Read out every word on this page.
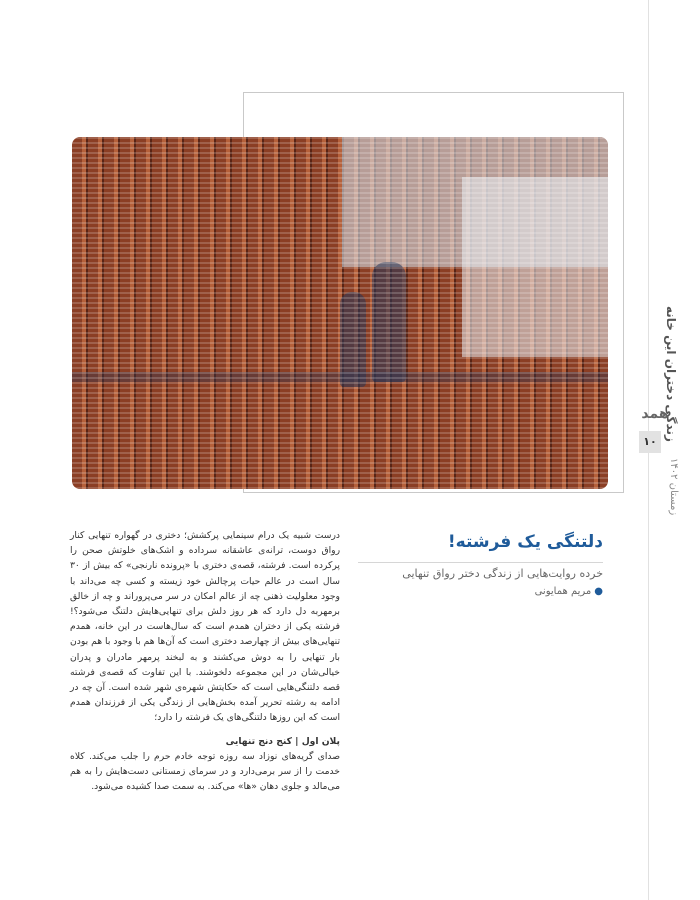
زندگی دختران این خانه
همد
۱۰
زمستان ۱۴۰۲
دلتنگی یک فرشته!
خرده روایت‌هایی از زندگی دختر رواق تنهایی
●مریم همایونی

درست شبیه یک درام سینمایی پرکشش؛ دختری در گهواره تنهایی کنار رواق دوست، ترانه‌ی عاشقانه سرداده و اشک‌های خلوتش صحن را پرکرده است. فرشته، قصه‌ی دختری با «پرونده نارنجی» که بیش از ۳۰ سال است در عالم حیات پرچالش خود زیسته و کسی چه می‌داند با وجود معلولیت ذهنی چه از عالم امکان در سر می‌پروراند و چه از خالق برمهربه دل دارد که هر روز دلش برای تنهایی‌هایش دلتنگ می‌شود؟! فرشته یکی از دختران همدم است که سال‌هاست در این خانه، همدم تنهایی‌های بیش از چهارصد دختری است که آن‌ها هم با وجود با هم بودن بار تنهایی را به دوش می‌کشند و به لبخند پرمهر مادران و پدران خیالی‌شان در این مجموعه دلخوشند. با این تفاوت که قصه‌ی فرشته قصه دلتنگی‌هایی است که حکایتش شهره‌ی شهر شده است. آن چه در ادامه به رشته تحریر آمده بخش‌هایی از زندگی یکی از فرزندان همدم است که این روزها دلتنگی‌های یک فرشته را دارد؛

پلان اول | کنج دنج تنهایی

صدای گریه‌های نوزاد سه روزه توجه خادم حرم را جلب می‌کند. کلاه خدمت را از سر برمی‌دارد و در سرمای زمستانی دست‌هایش را به هم می‌مالد و جلوی دهان «ها» می‌کند. به سمت صدا کشیده می‌شود.
